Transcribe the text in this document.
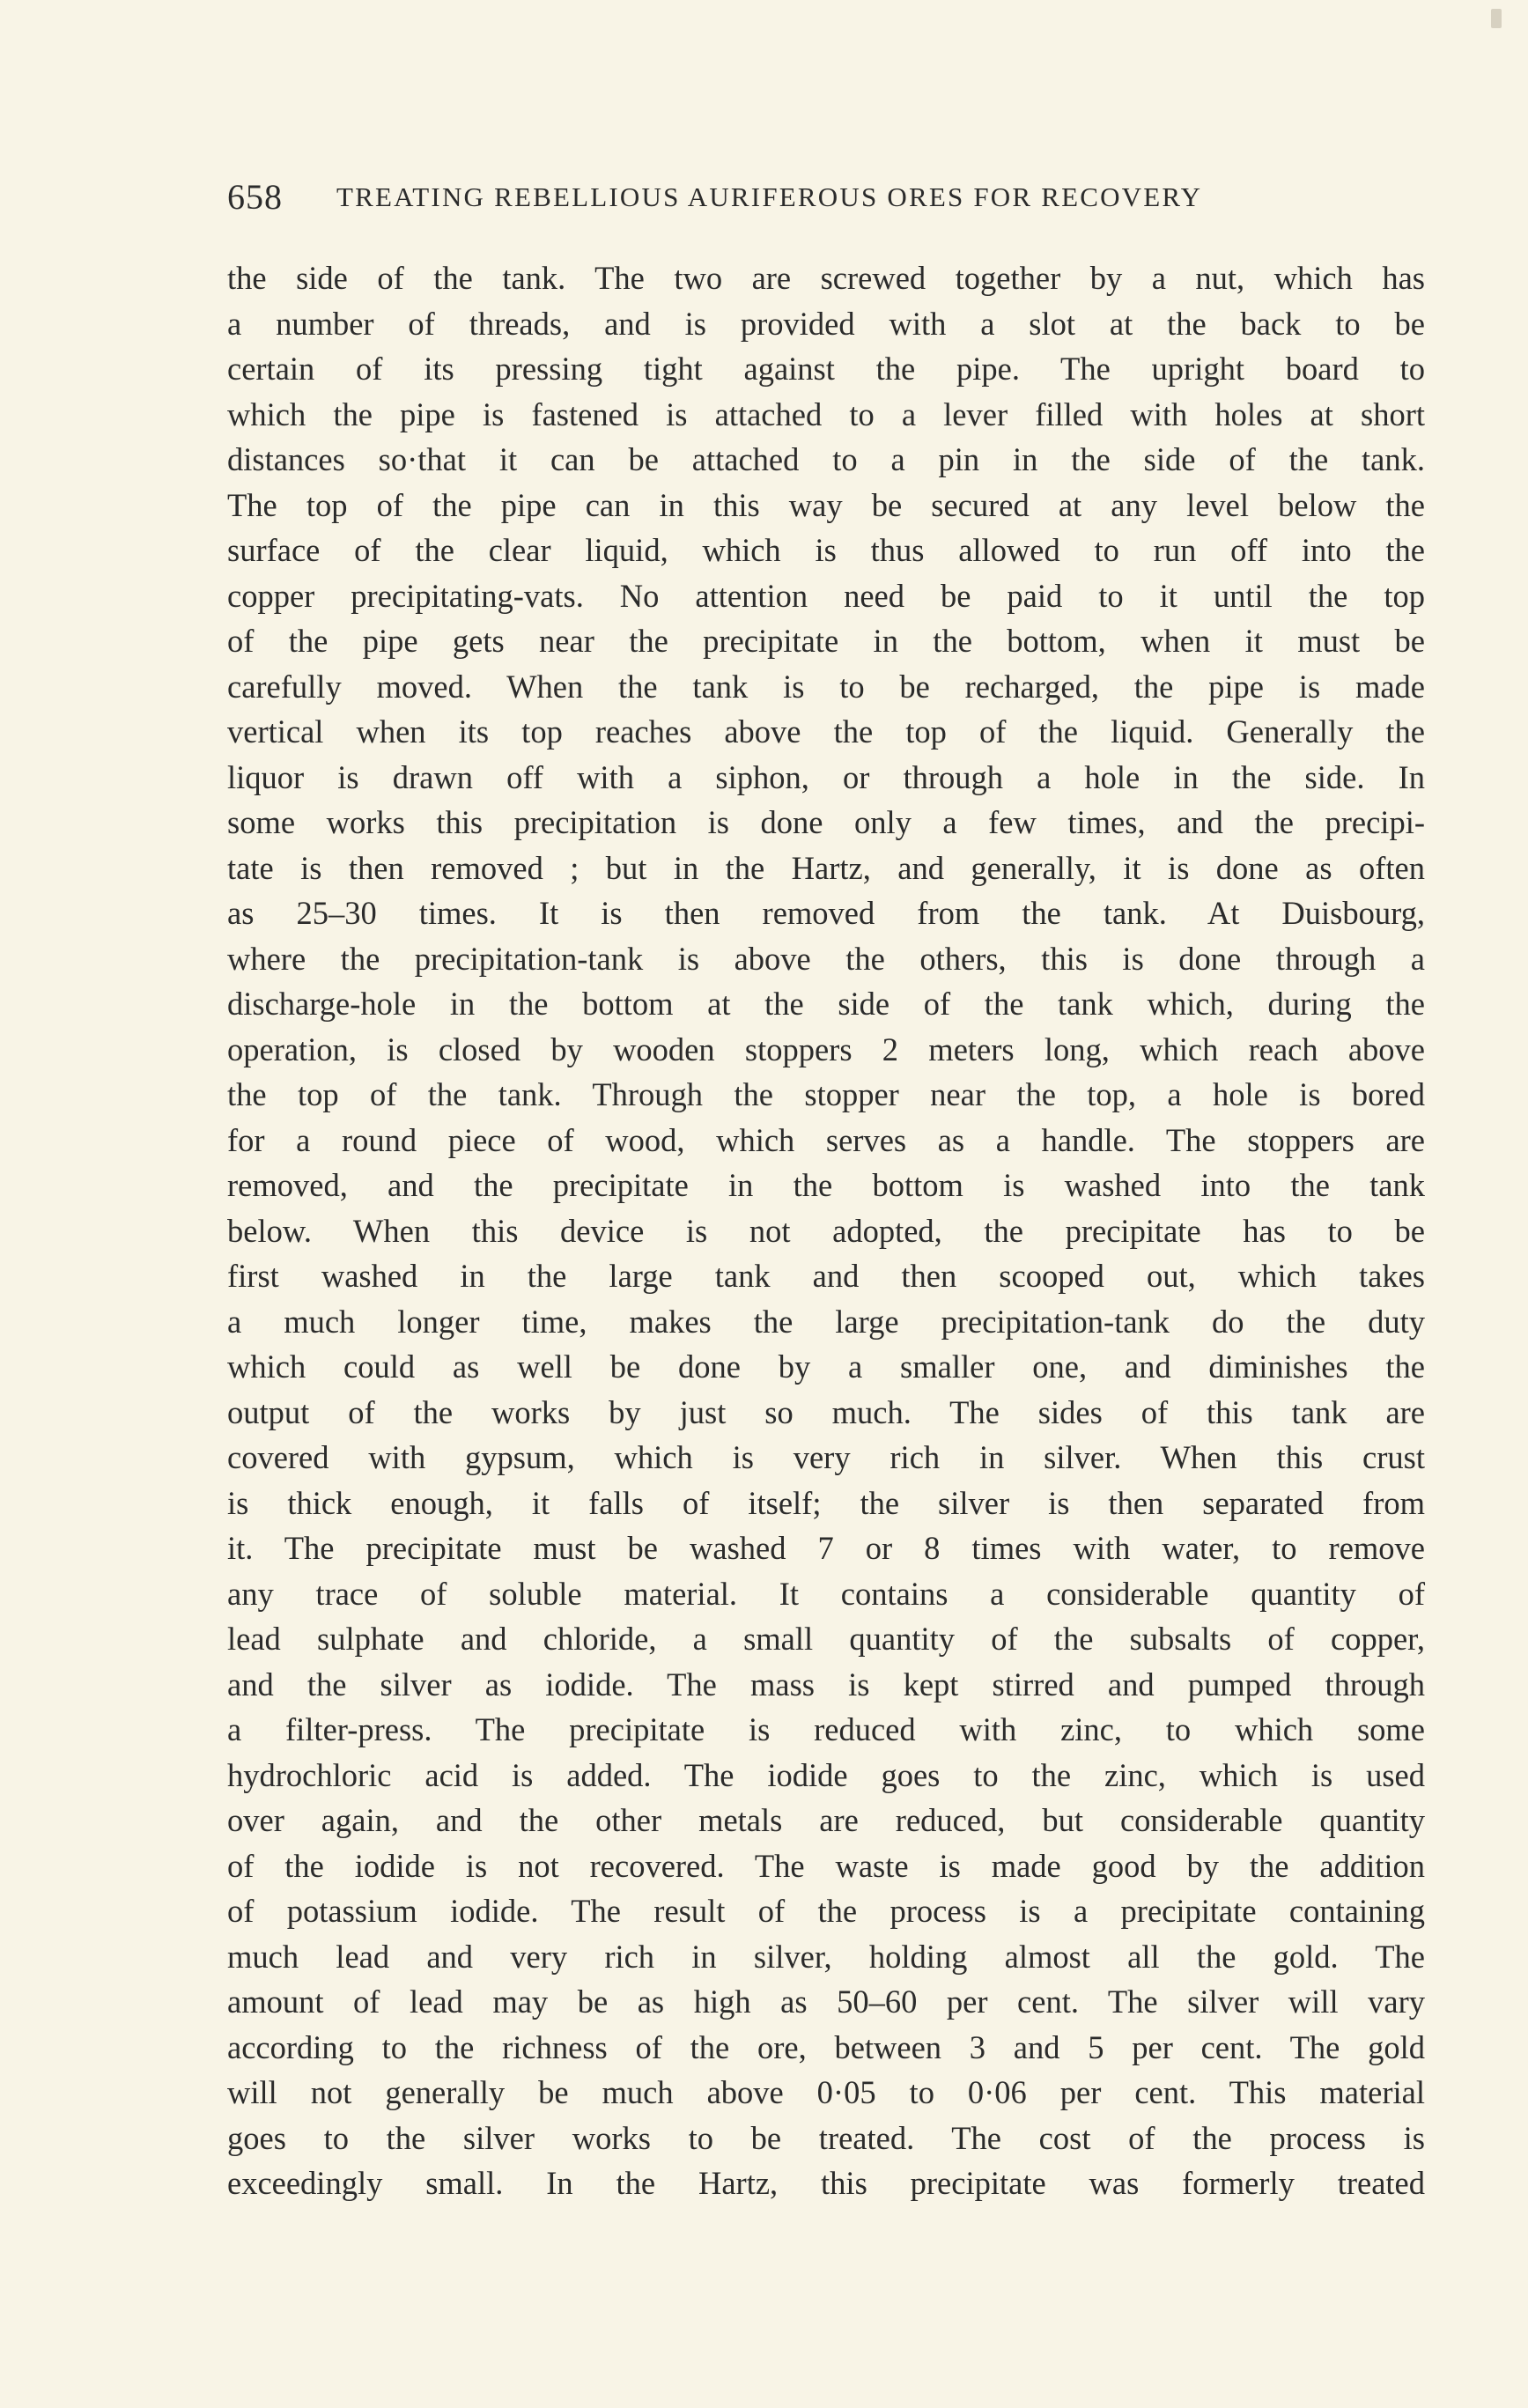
658 TREATING REBELLIOUS AURIFEROUS ORES FOR RECOVERY
the side of the tank. The two are screwed together by a nut, which has
a number of threads, and is provided with a slot at the back to be
certain of its pressing tight against the pipe. The upright board to
which the pipe is fastened is attached to a lever filled with holes at short
distances so·that it can be attached to a pin in the side of the tank.
The top of the pipe can in this way be secured at any level below the
surface of the clear liquid, which is thus allowed to run off into the
copper precipitating-vats. No attention need be paid to it until the top
of the pipe gets near the precipitate in the bottom, when it must be
carefully moved. When the tank is to be recharged, the pipe is made
vertical when its top reaches above the top of the liquid. Generally the
liquor is drawn off with a siphon, or through a hole in the side. In
some works this precipitation is done only a few times, and the precipi-
tate is then removed ; but in the Hartz, and generally, it is done as often
as 25–30 times. It is then removed from the tank. At Duisbourg,
where the precipitation-tank is above the others, this is done through a
discharge-hole in the bottom at the side of the tank which, during the
operation, is closed by wooden stoppers 2 meters long, which reach above
the top of the tank. Through the stopper near the top, a hole is bored
for a round piece of wood, which serves as a handle. The stoppers are
removed, and the precipitate in the bottom is washed into the tank
below. When this device is not adopted, the precipitate has to be
first washed in the large tank and then scooped out, which takes
a much longer time, makes the large precipitation-tank do the duty
which could as well be done by a smaller one, and diminishes the
output of the works by just so much. The sides of this tank are
covered with gypsum, which is very rich in silver. When this crust
is thick enough, it falls of itself; the silver is then separated from
it. The precipitate must be washed 7 or 8 times with water, to remove
any trace of soluble material. It contains a considerable quantity of
lead sulphate and chloride, a small quantity of the subsalts of copper,
and the silver as iodide. The mass is kept stirred and pumped through
a filter-press. The precipitate is reduced with zinc, to which some
hydrochloric acid is added. The iodide goes to the zinc, which is used
over again, and the other metals are reduced, but considerable quantity
of the iodide is not recovered. The waste is made good by the addition
of potassium iodide. The result of the process is a precipitate containing
much lead and very rich in silver, holding almost all the gold. The
amount of lead may be as high as 50–60 per cent. The silver will vary
according to the richness of the ore, between 3 and 5 per cent. The gold
will not generally be much above 0·05 to 0·06 per cent. This material
goes to the silver works to be treated. The cost of the process is
exceedingly small. In the Hartz, this precipitate was formerly treated
